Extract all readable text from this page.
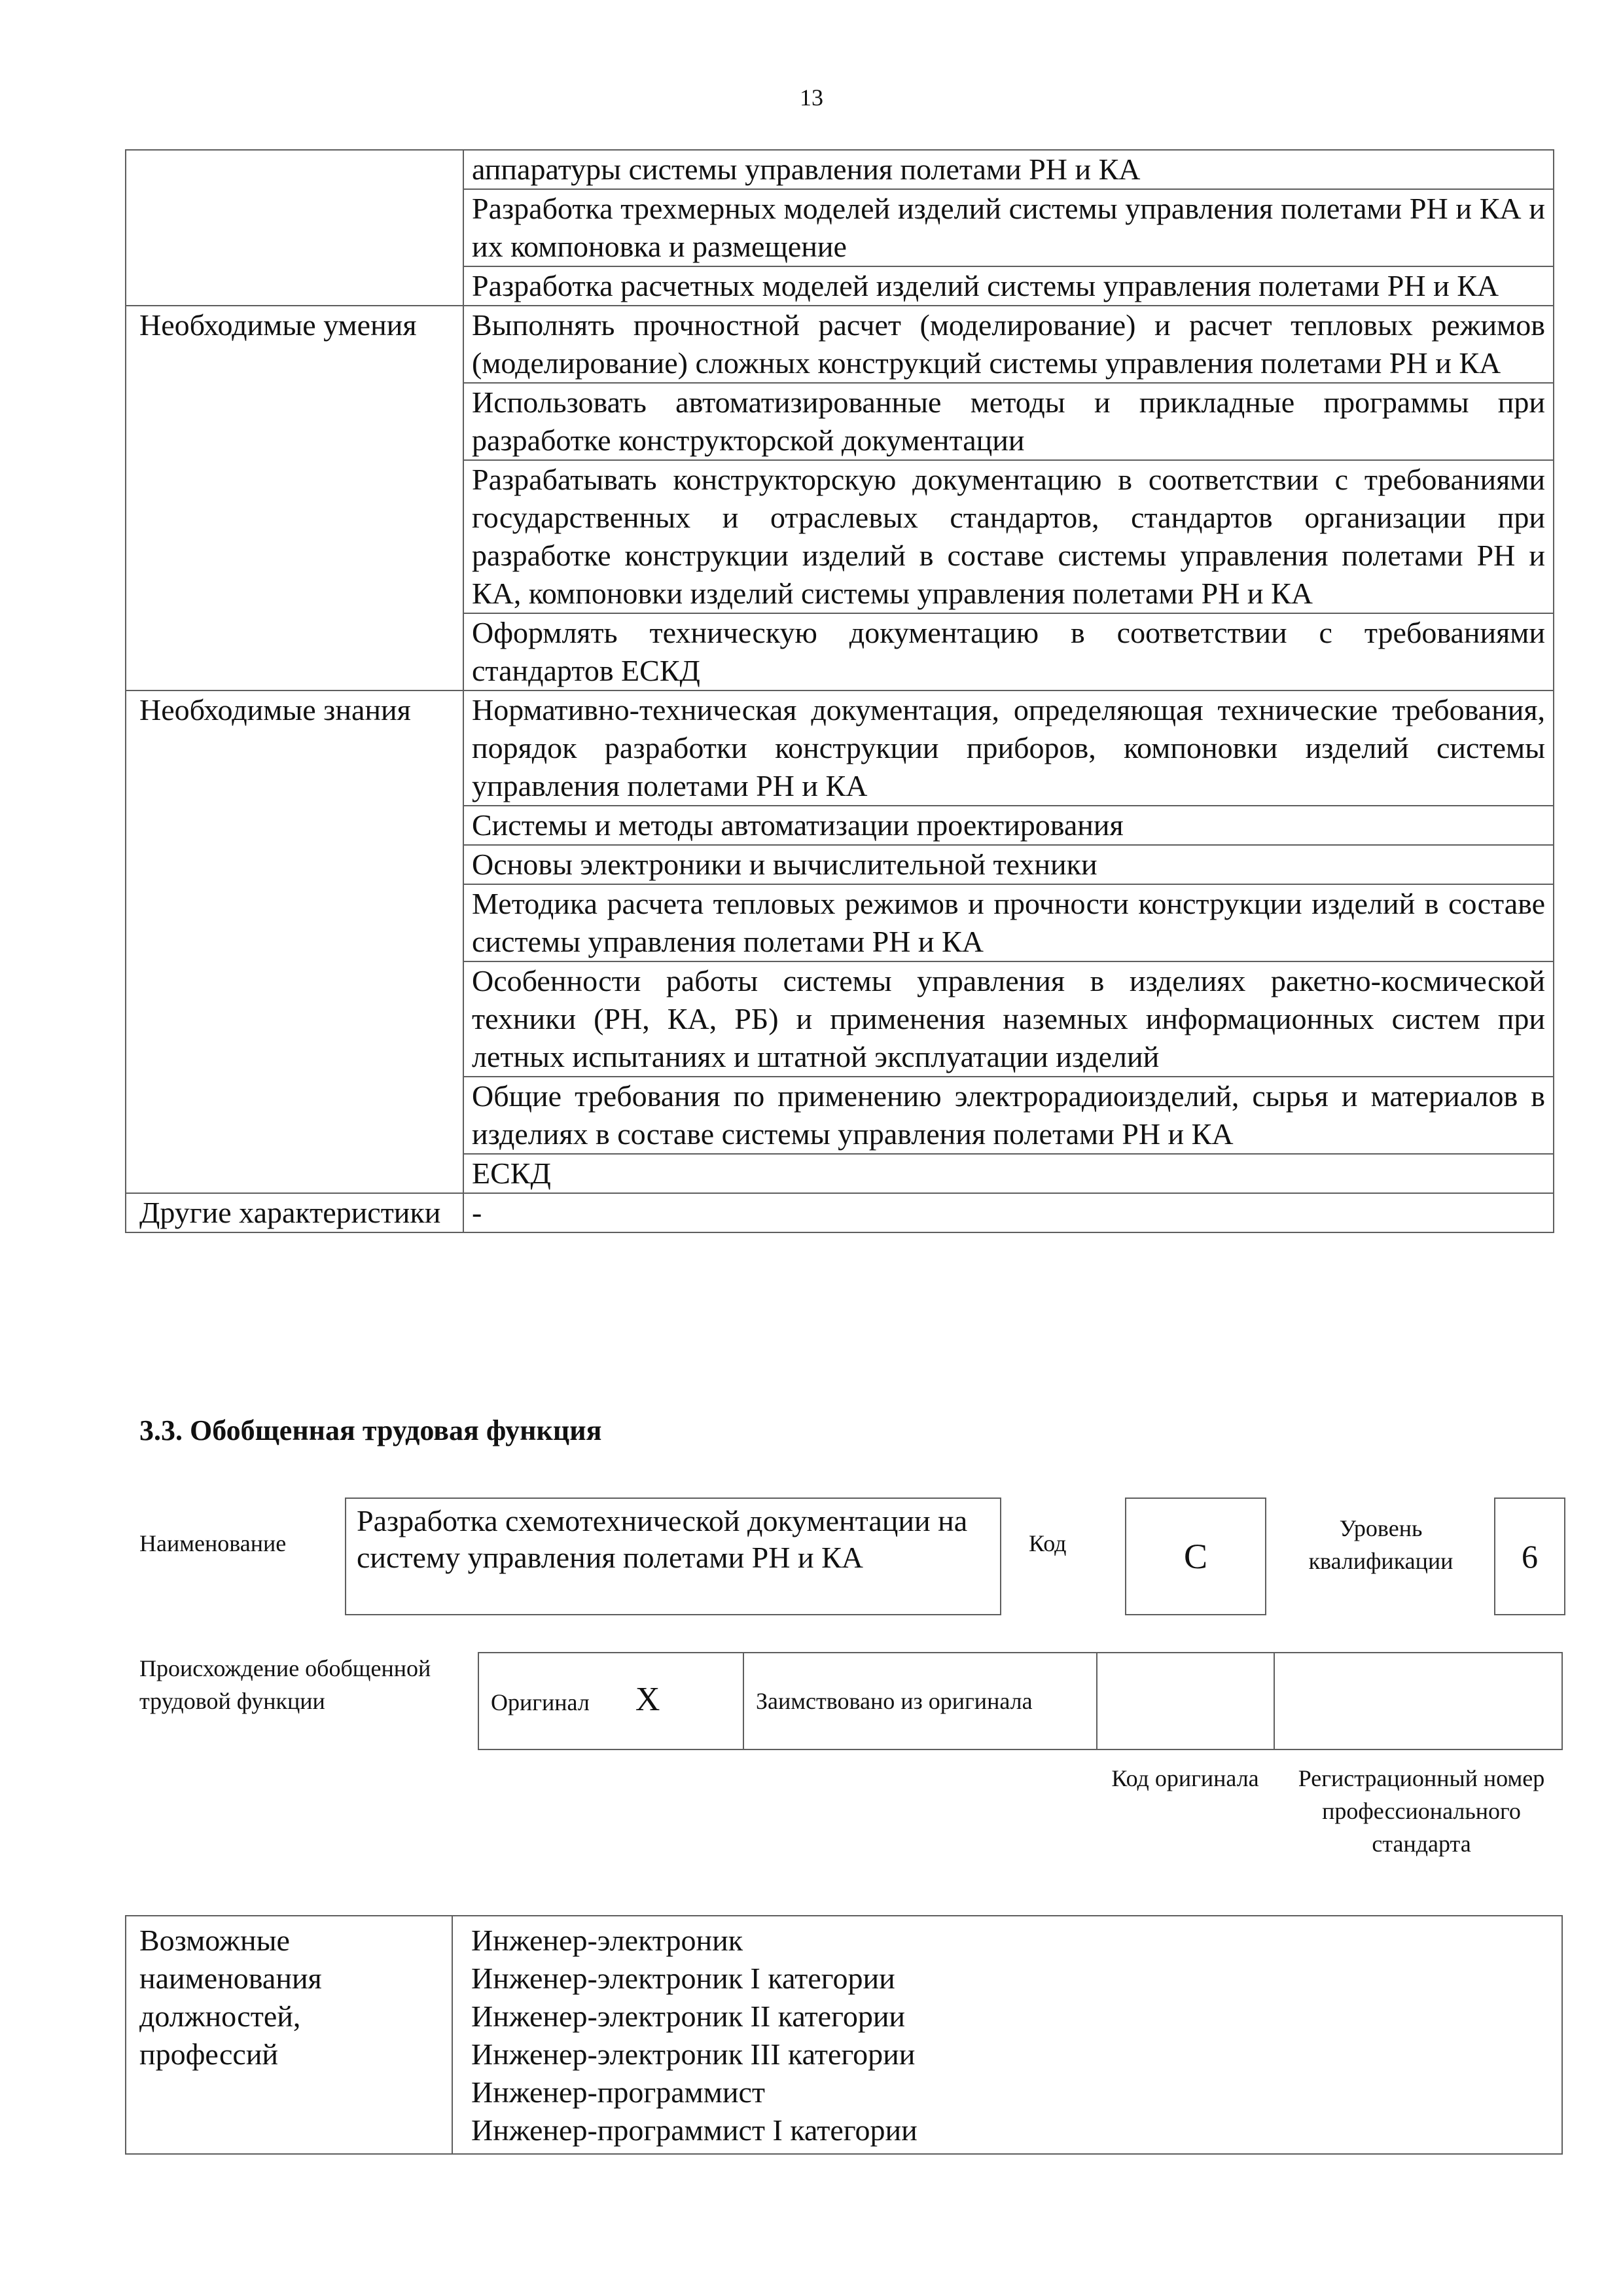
13
	аппаратуры системы управления полетами РН и КА
	Разработка трехмерных моделей изделий системы управления полетами РН и КА и их компоновка и размещение
	Разработка расчетных моделей изделий системы управления полетами РН и КА
Необходимые умения	Выполнять прочностной расчет (моделирование) и расчет тепловых режимов (моделирование) сложных конструкций системы управления полетами РН и КА
	Использовать автоматизированные методы и прикладные программы при разработке конструкторской документации
	Разрабатывать конструкторскую документацию в соответствии с требованиями государственных и отраслевых стандартов, стандартов организации при разработке конструкции изделий в составе системы управления полетами РН и КА, компоновки изделий системы управления полетами РН и КА
	Оформлять техническую документацию в соответствии с требованиями стандартов ЕСКД
Необходимые знания	Нормативно-техническая документация, определяющая технические требования, порядок разработки конструкции приборов, компоновки изделий системы управления полетами РН и КА
	Системы и методы автоматизации проектирования
	Основы электроники и вычислительной техники
	Методика расчета тепловых режимов и прочности конструкции изделий в составе системы управления полетами РН и КА
	Особенности работы системы управления в изделиях ракетно-космической техники (РН, КА, РБ) и применения наземных информационных систем при летных испытаниях и штатной эксплуатации изделий
	Общие требования по применению электрорадиоизделий, сырья и материалов в изделиях в составе системы управления полетами РН и КА
	ЕСКД
Другие характеристики	-
3.3. Обобщенная трудовая функция
Наименование
Разработка схемотехнической документации на систему управления полетами РН и КА	Код	C
Уровень квалификации	6
Происхождение обобщенной трудовой функции	Оригинал X	Заимствовано из оригинала		
Код оригинала	Регистрационный номер профессионального стандарта
Возможные наименования должностей, профессий	
Инженер-электроник
Инженер-электроник I категории
Инженер-электроник II категории
Инженер-электроник III категории
Инженер-программист
Инженер-программист I категории
